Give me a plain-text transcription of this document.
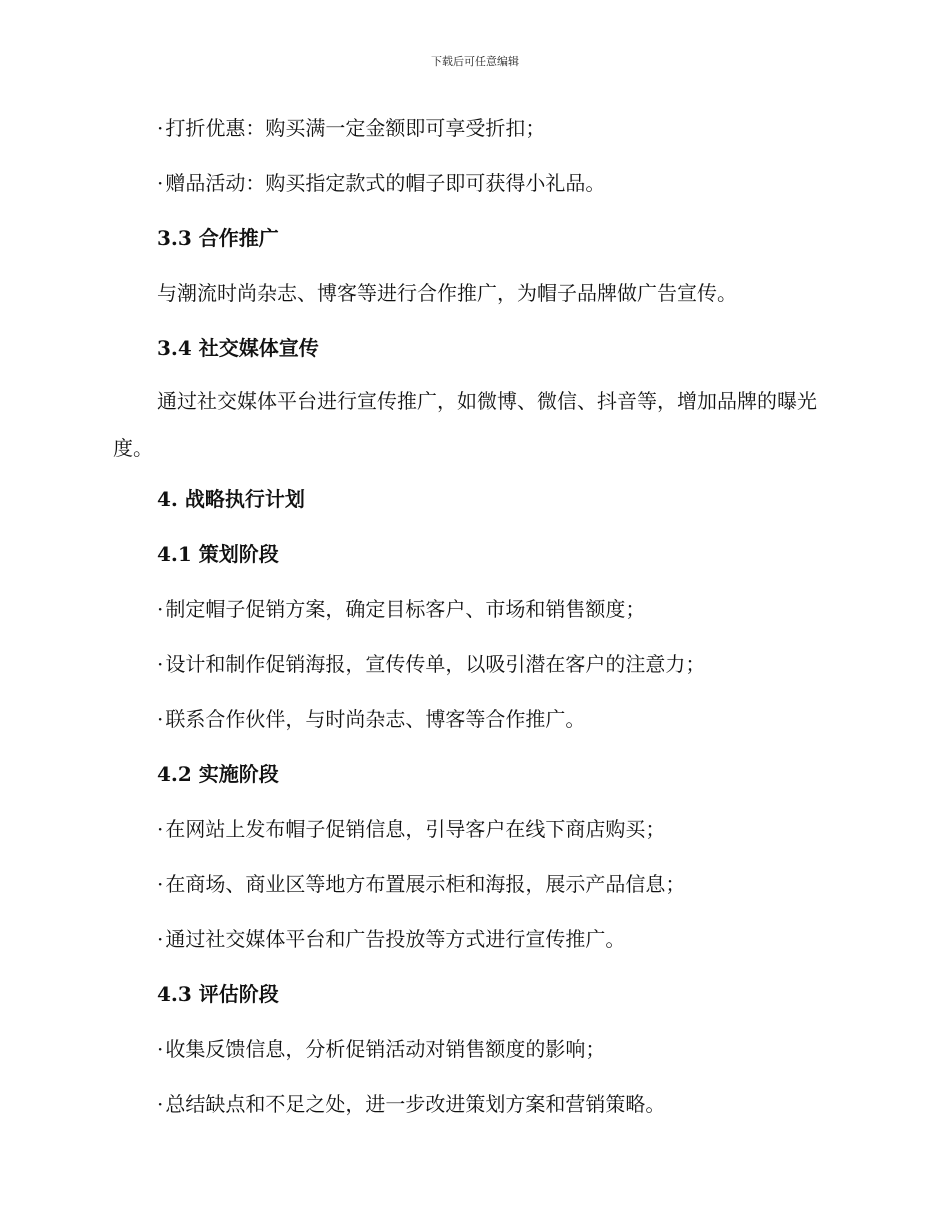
下载后可任意编辑
· 打折优惠：购买满一定金额即可享受折扣；
· 赠品活动：购买指定款式的帽子即可获得小礼品。
3.3 合作推广
与潮流时尚杂志、博客等进行合作推广，为帽子品牌做广告宣传。
3.4 社交媒体宣传
通过社交媒体平台进行宣传推广，如微博、微信、抖音等，增加品牌的曝光度。
4. 战略执行计划
4.1 策划阶段
· 制定帽子促销方案，确定目标客户、市场和销售额度；
· 设计和制作促销海报，宣传传单，以吸引潜在客户的注意力；
· 联系合作伙伴，与时尚杂志、博客等合作推广。
4.2 实施阶段
· 在网站上发布帽子促销信息，引导客户在线下商店购买；
· 在商场、商业区等地方布置展示柜和海报，展示产品信息；
· 通过社交媒体平台和广告投放等方式进行宣传推广。
4.3 评估阶段
· 收集反馈信息，分析促销活动对销售额度的影响；
· 总结缺点和不足之处，进一步改进策划方案和营销策略。
